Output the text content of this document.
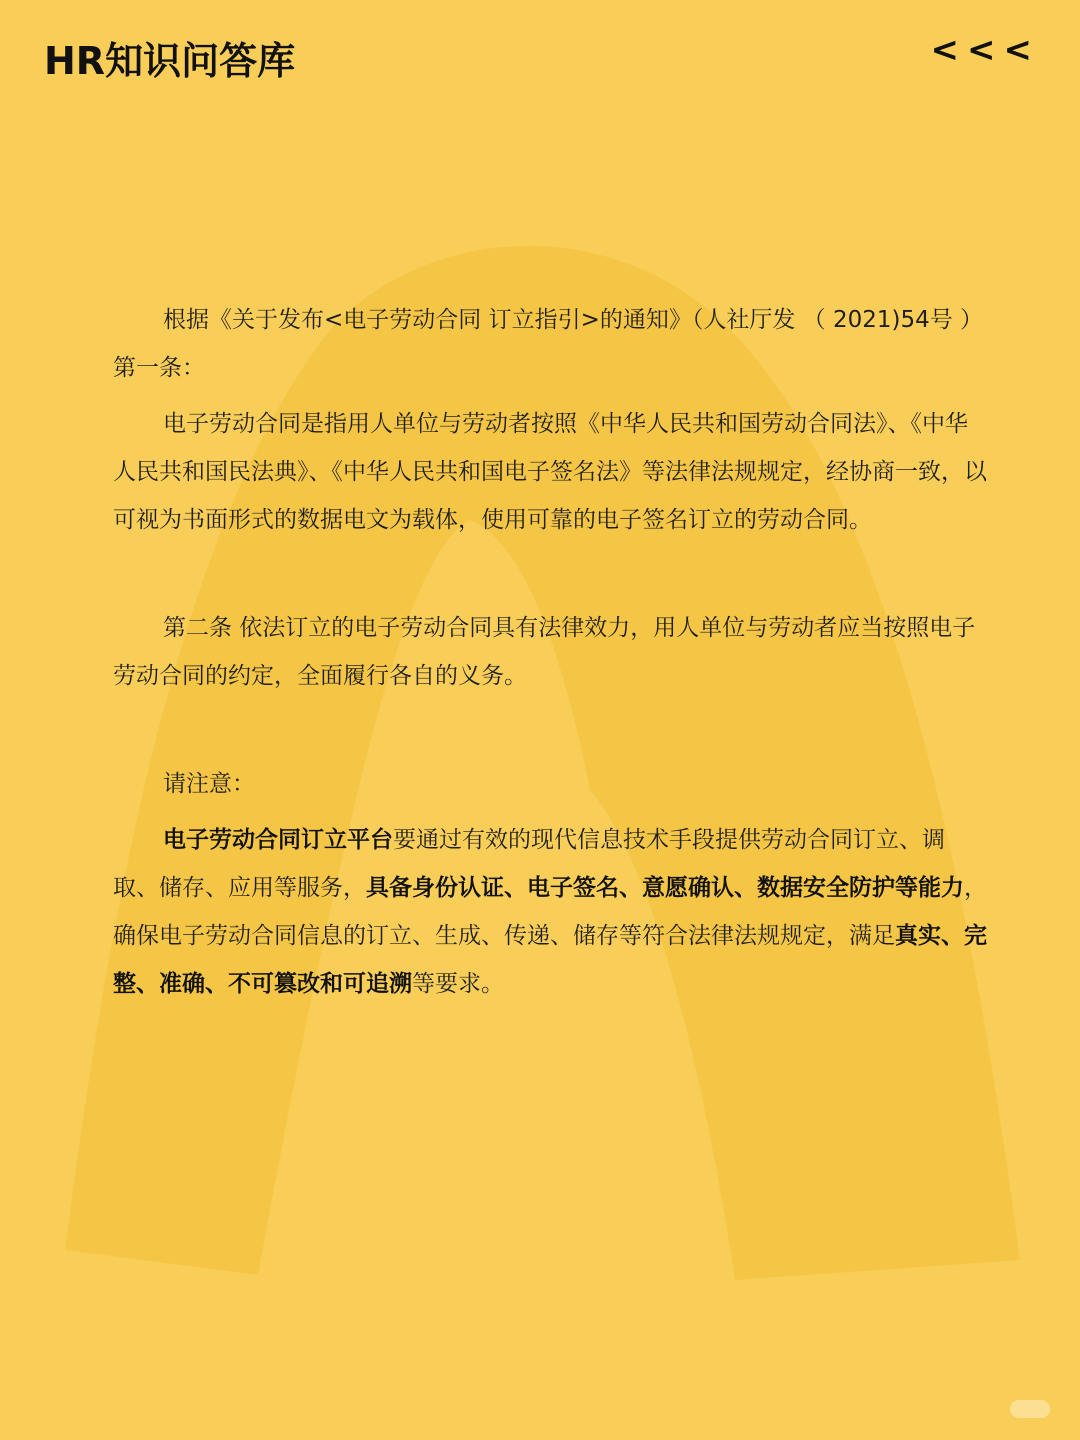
HR知识问答库	<<<

根据《关于发布<电子劳动合同 订立指引>的通知》（人社厅发 （ 2021)54号 ）第一条：

电子劳动合同是指用人单位与劳动者按照《中华人民共和国劳动合同法》、《中华 人民共和国民法典》、《中华人民共和国电子签名法》等法律法规规定，经协商一致，以可视为书面形式的数据电文为载体，使用可靠的电子签名订立的劳动合同。

第二条 依法订立的电子劳动合同具有法律效力，用人单位与劳动者应当按照电子劳动合同的约定，全面履行各自的义务。

请注意：

电子劳动合同订立平台要通过有效的现代信息技术手段提供劳动合同订立、调取、储存、应用等服务，具备身份认证、电子签名、意愿确认、数据安全防护等能力，确保电子劳动合同信息的订立、生成、传递、储存等符合法律法规规定，满足真实、完整、准确、不可篡改和可追溯等要求。
